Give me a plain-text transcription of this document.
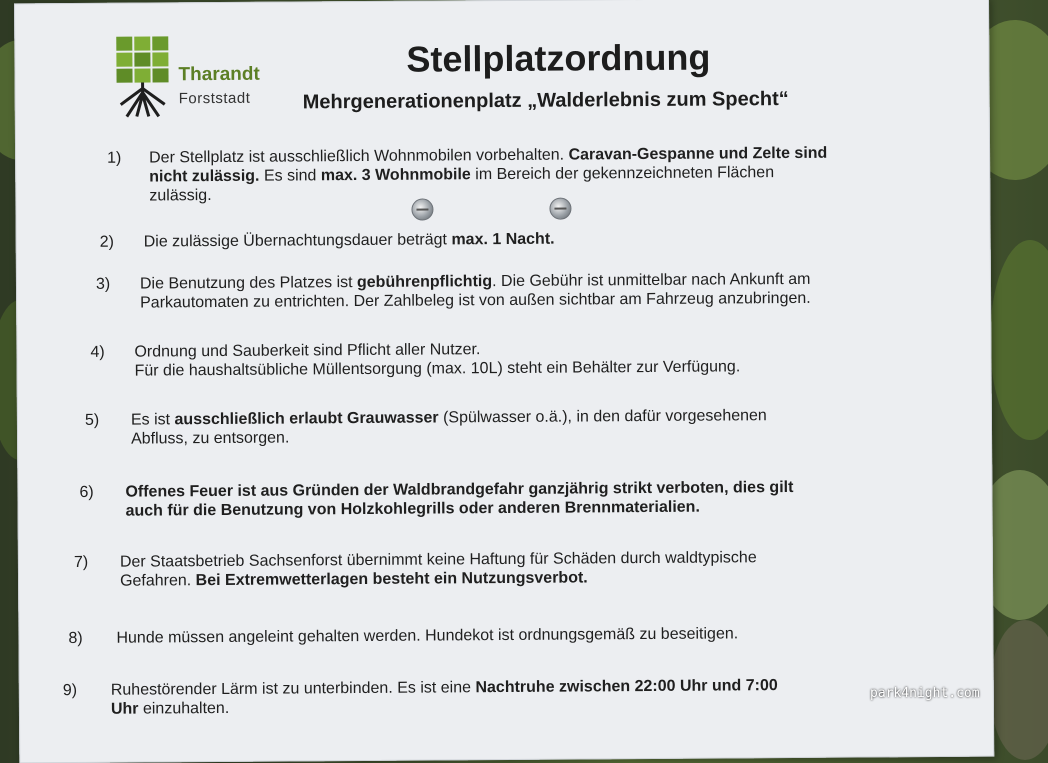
Tharandt
Forststadt
Stellplatzordnung
Mehrgenerationenplatz „Walderlebnis zum Specht“
1) Der Stellplatz ist ausschließlich Wohnmobilen vorbehalten. Caravan-Gespanne und Zelte sind
nicht zulässig. Es sind max. 3 Wohnmobile im Bereich der gekennzeichneten Flächen
zulässig.
2) Die zulässige Übernachtungsdauer beträgt max. 1 Nacht.
3) Die Benutzung des Platzes ist gebührenpflichtig. Die Gebühr ist unmittelbar nach Ankunft am
Parkautomaten zu entrichten. Der Zahlbeleg ist von außen sichtbar am Fahrzeug anzubringen.
4) Ordnung und Sauberkeit sind Pflicht aller Nutzer.
Für die haushaltsübliche Müllentsorgung (max. 10L) steht ein Behälter zur Verfügung.
5) Es ist ausschließlich erlaubt Grauwasser (Spülwasser o.ä.), in den dafür vorgesehenen
Abfluss, zu entsorgen.
6) Offenes Feuer ist aus Gründen der Waldbrandgefahr ganzjährig strikt verboten, dies gilt
auch für die Benutzung von Holzkohlegrills oder anderen Brennmaterialien.
7) Der Staatsbetrieb Sachsenforst übernimmt keine Haftung für Schäden durch waldtypische
Gefahren. Bei Extremwetterlagen besteht ein Nutzungsverbot.
8) Hunde müssen angeleint gehalten werden. Hundekot ist ordnungsgemäß zu beseitigen.
9) Ruhestörender Lärm ist zu unterbinden. Es ist eine Nachtruhe zwischen 22:00 Uhr und 7:00
Uhr einzuhalten.
park4night.com
